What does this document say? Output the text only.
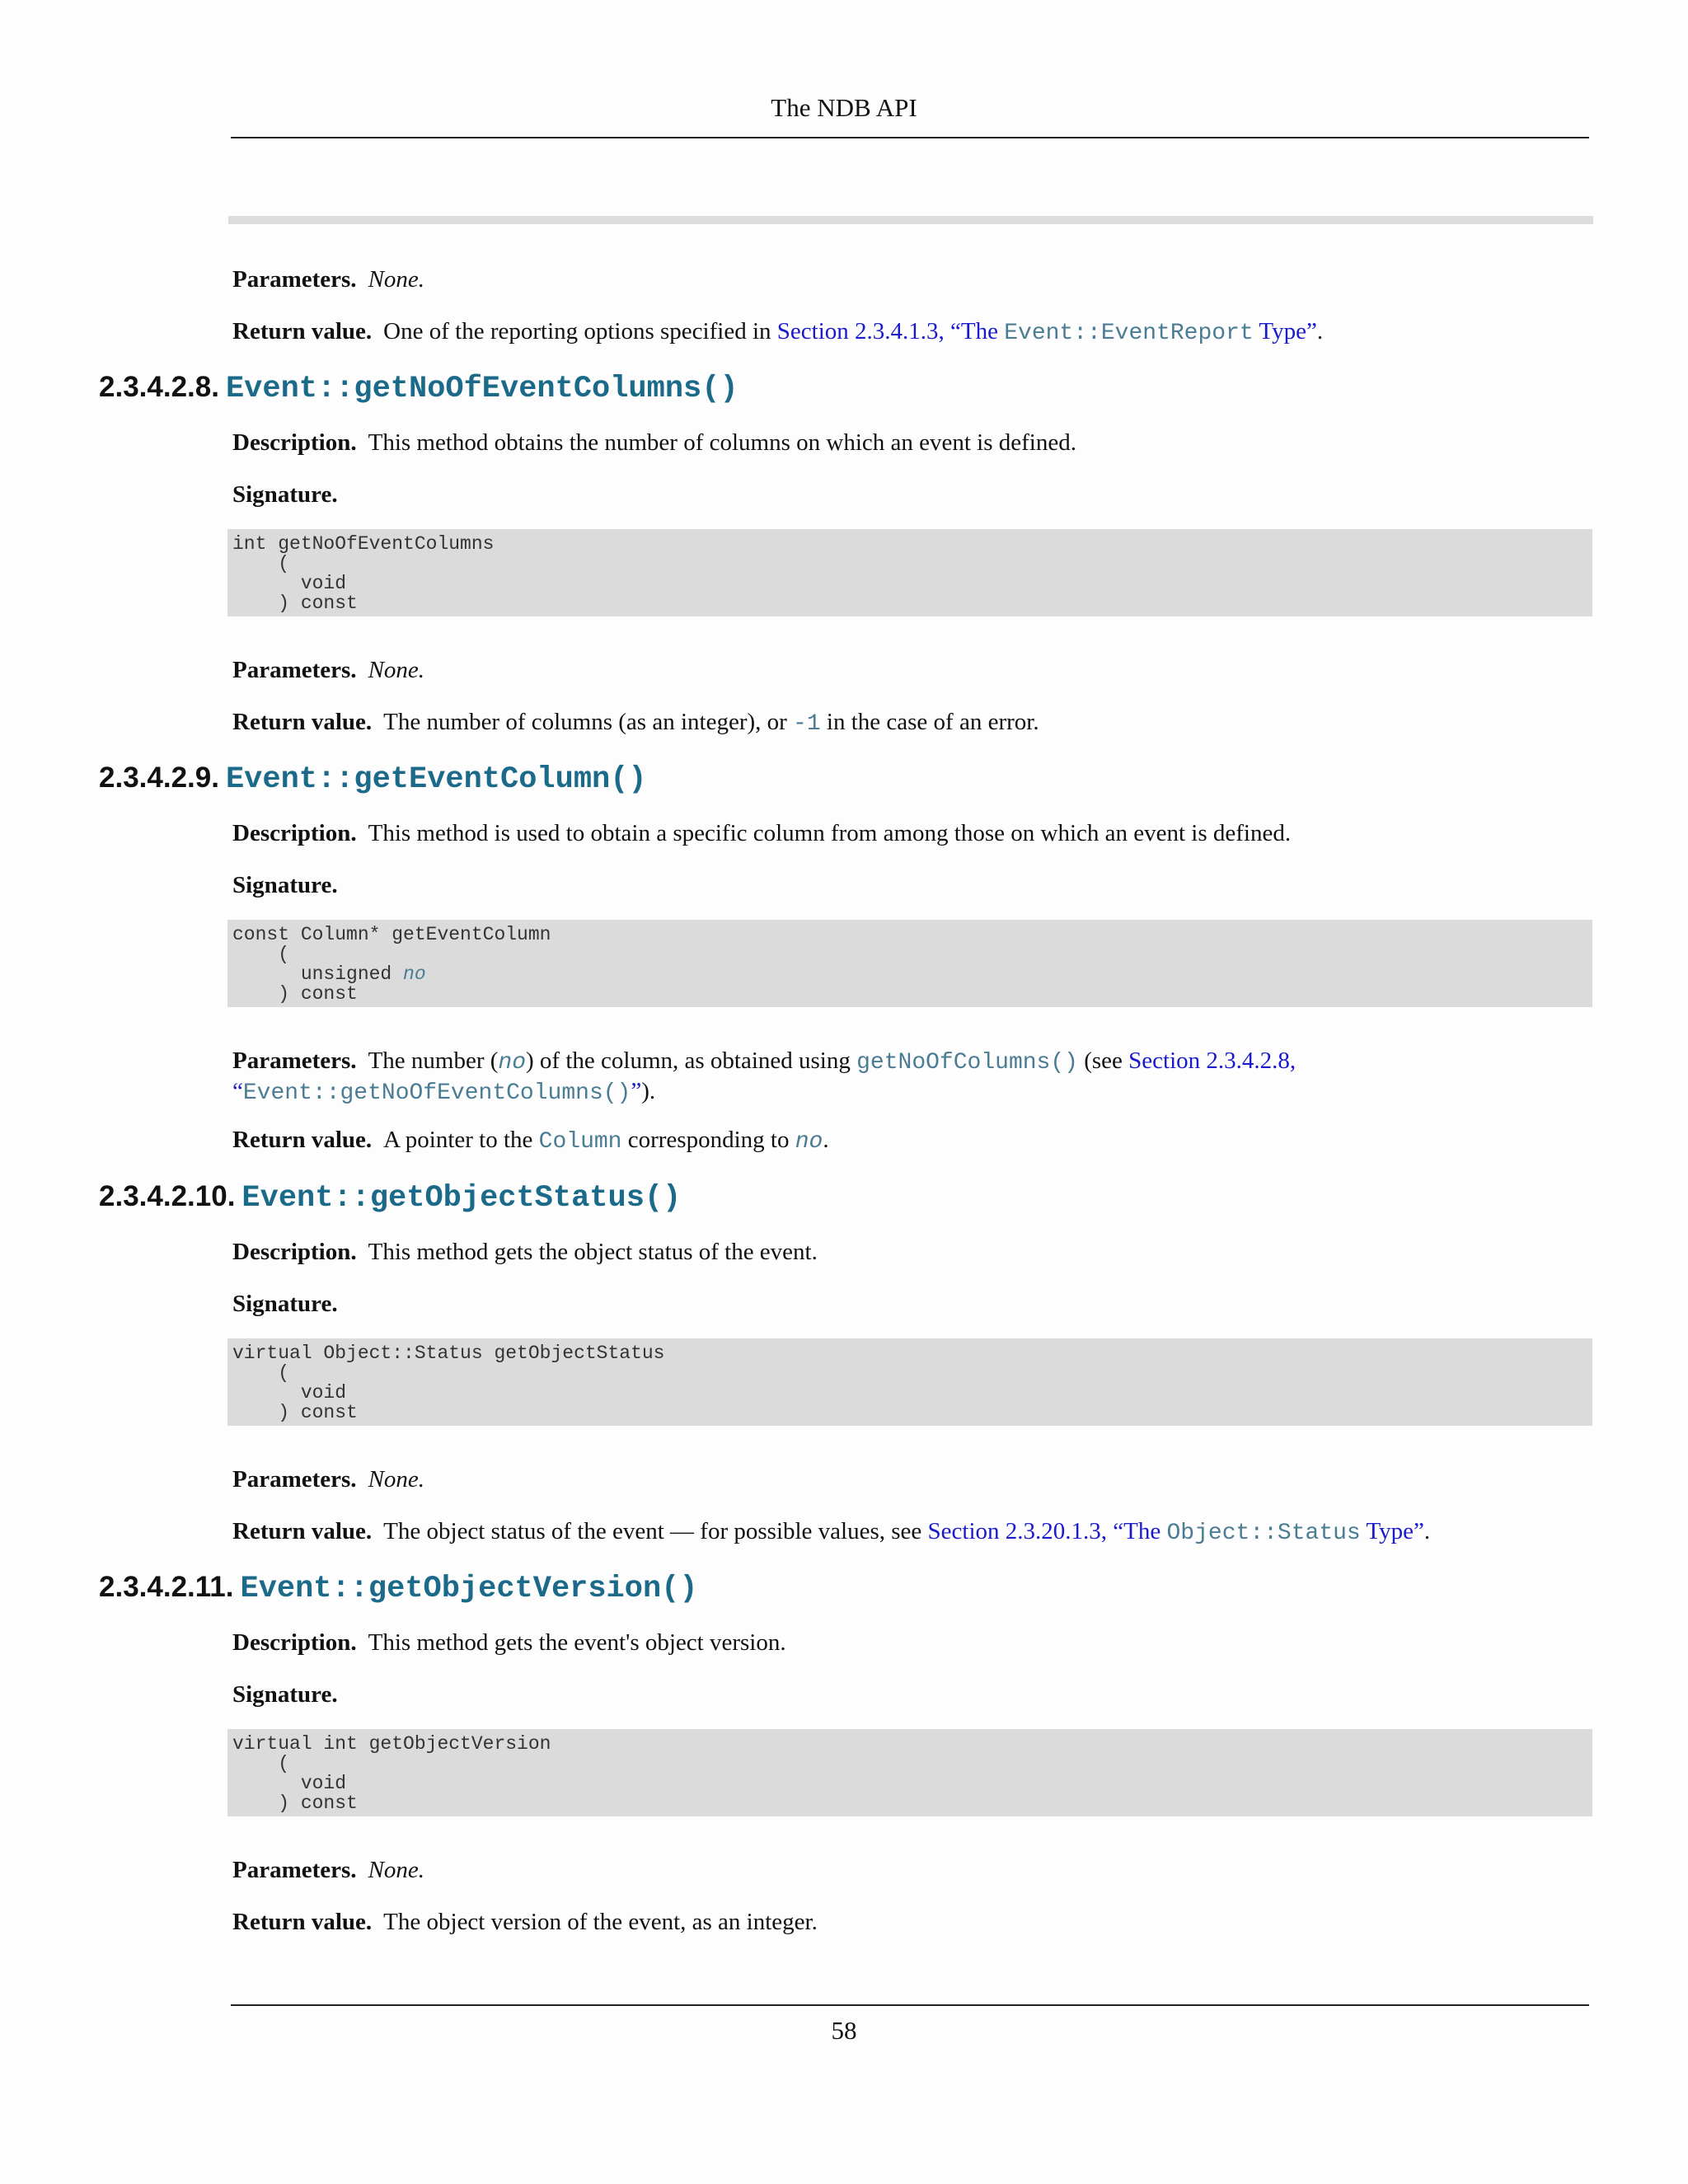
The NDB API
Parameters. None.
Return value. One of the reporting options specified in Section 2.3.4.1.3, “The Event::EventReport Type”.
2.3.4.2.8. Event::getNoOfEventColumns()
Description. This method obtains the number of columns on which an event is defined.
Signature.
int getNoOfEventColumns
(
void
) const
Parameters. None.
Return value. The number of columns (as an integer), or -1 in the case of an error.
2.3.4.2.9. Event::getEventColumn()
Description. This method is used to obtain a specific column from among those on which an event is defined.
Signature.
const Column* getEventColumn
(
unsigned no
) const
Parameters. The number (no) of the column, as obtained using getNoOfColumns() (see Section 2.3.4.2.8,
“Event::getNoOfEventColumns()”).
Return value. A pointer to the Column corresponding to no.
2.3.4.2.10. Event::getObjectStatus()
Description. This method gets the object status of the event.
Signature.
virtual Object::Status getObjectStatus
(
void
) const
Parameters. None.
Return value. The object status of the event — for possible values, see Section 2.3.20.1.3, “The Object::Status Type”.
2.3.4.2.11. Event::getObjectVersion()
Description. This method gets the event's object version.
Signature.
virtual int getObjectVersion
(
void
) const
Parameters. None.
Return value. The object version of the event, as an integer.
58
